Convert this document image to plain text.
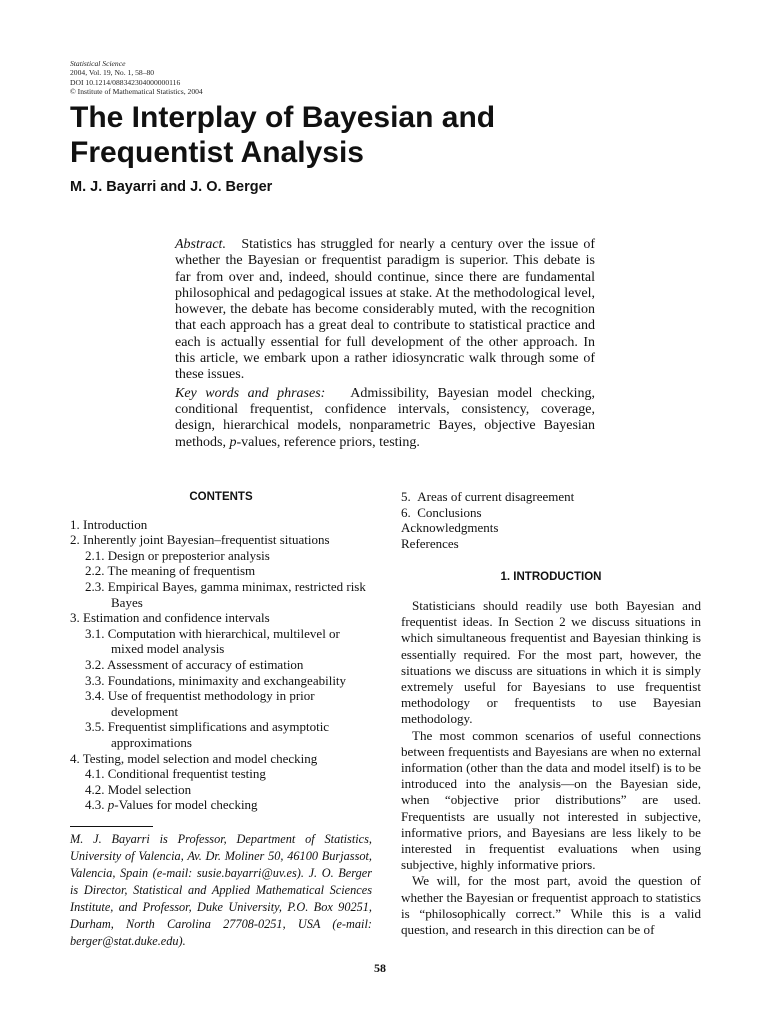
Statistical Science
2004, Vol. 19, No. 1, 58–80
DOI 10.1214/088342304000000116
© Institute of Mathematical Statistics, 2004
The Interplay of Bayesian and
Frequentist Analysis
M. J. Bayarri and J. O. Berger

Abstract. Statistics has struggled for nearly a century over the issue of whether the Bayesian or frequentist paradigm is superior. This debate is far from over and, indeed, should continue, since there are fundamental philosophical and pedagogical issues at stake. At the methodological level, however, the debate has become considerably muted, with the recognition that each approach has a great deal to contribute to statistical practice and each is actually essential for full development of the other approach. In this article, we embark upon a rather idiosyncratic walk through some of these issues.

Key words and phrases: Admissibility, Bayesian model checking, conditional frequentist, confidence intervals, consistency, coverage, design, hierarchical models, nonparametric Bayes, objective Bayesian methods, p-values, reference priors, testing.

CONTENTS
1. Introduction
2. Inherently joint Bayesian–frequentist situations
2.1. Design or preposterior analysis
2.2. The meaning of frequentism
2.3. Empirical Bayes, gamma minimax, restricted risk Bayes
3. Estimation and confidence intervals
3.1. Computation with hierarchical, multilevel or mixed model analysis
3.2. Assessment of accuracy of estimation
3.3. Foundations, minimaxity and exchangeability
3.4. Use of frequentist methodology in prior development
3.5. Frequentist simplifications and asymptotic approximations
4. Testing, model selection and model checking
4.1. Conditional frequentist testing
4.2. Model selection
4.3. p-Values for model checking
5. Areas of current disagreement
6. Conclusions
Acknowledgments
References
1. INTRODUCTION

Statisticians should readily use both Bayesian and frequentist ideas. In Section 2 we discuss situations in which simultaneous frequentist and Bayesian thinking is essentially required. For the most part, however, the situations we discuss are situations in which it is simply extremely useful for Bayesians to use frequentist methodology or frequentists to use Bayesian methodology.

The most common scenarios of useful connections between frequentists and Bayesians are when no external information (other than the data and model itself) is to be introduced into the analysis—on the Bayesian side, when “objective prior distributions” are used. Frequentists are usually not interested in subjective, informative priors, and Bayesians are less likely to be interested in frequentist evaluations when using subjective, highly informative priors.

We will, for the most part, avoid the question of whether the Bayesian or frequentist approach to statistics is “philosophically correct.” While this is a valid question, and research in this direction can be of

M. J. Bayarri is Professor, Department of Statistics, University of Valencia, Av. Dr. Moliner 50, 46100 Burjassot, Valencia, Spain (e-mail: susie.bayarri@uv.es). J. O. Berger is Director, Statistical and Applied Mathematical Sciences Institute, and Professor, Duke University, P.O. Box 90251, Durham, North Carolina 27708-0251, USA (e-mail: berger@stat.duke.edu).
58
